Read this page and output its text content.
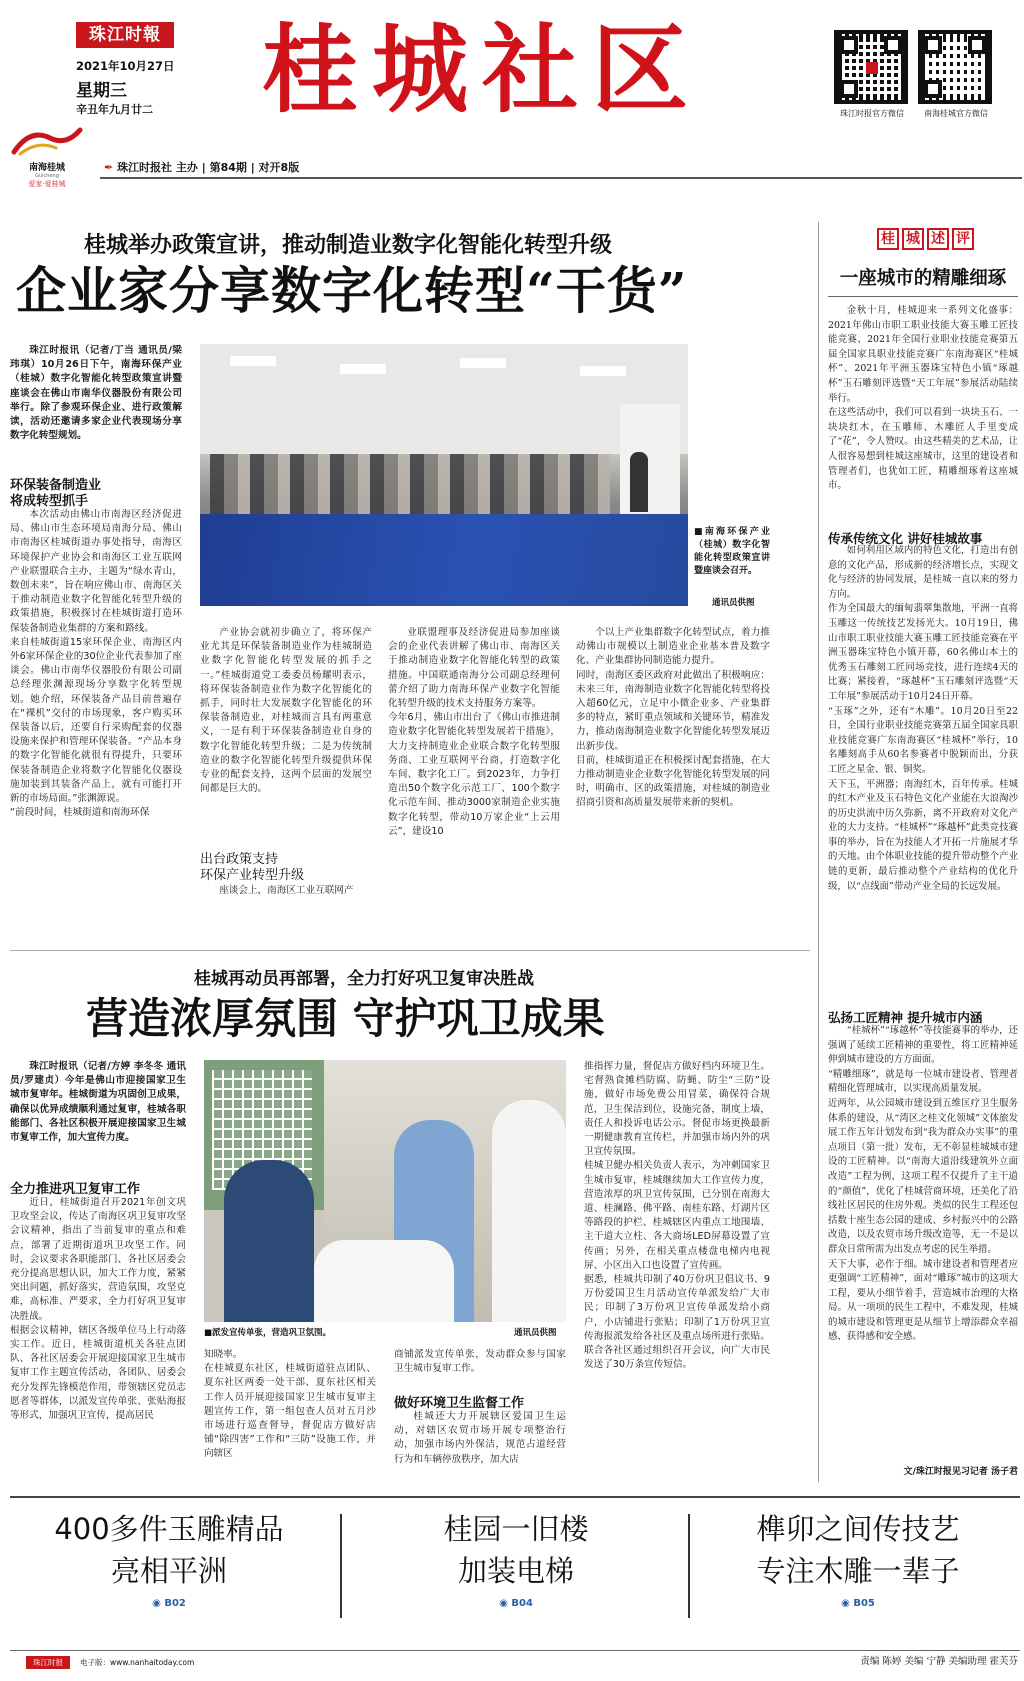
珠江时報
2021年10月27日
星期三
辛丑年九月廿二 桂城社区	珠江时报官方微信	南海桂城官方微信
南海桂城
Guicheng
爱家·爱桂城
✒ 珠江时报社 主办 | 第84期 | 对开8版
桂城举办政策宣讲，推动制造业数字化智能化转型升级
企业家分享数字化转型“干货”

珠江时报讯（记者/丁当 通讯员/梁玮琪）10月26日下午，南海环保产业（桂城）数字化智能化转型政策宣讲暨座谈会在佛山市南华仪器股份有限公司举行。除了参观环保企业、进行政策解读，活动还邀请多家企业代表现场分享数字化转型规划。

环保装备制造业
将成转型抓手
本次活动由佛山市南海区经济促进局、佛山市生态环境局南海分局、佛山市南海区桂城街道办事处指导，南海区环境保护产业协会和南海区工业互联网产业联盟联合主办，主题为“绿水青山，数创未来”，旨在响应佛山市、南海区关于推动制造业数字化智能化转型升级的政策措施，积极探讨在桂城街道打造环保装备制造业集群的方案和路线。
来自桂城街道15家环保企业、南海区内外6家环保企业的30位企业代表参加了座谈会。佛山市南华仪器股份有限公司副总经理张渊源现场分享数字化转型规划。她介绍，环保装备产品目前普遍存在“裸机”交付的市场现象，客户购买环保装备以后，还要自行采购配套的仪器设施来保护和管理环保装备。“产品本身的数字化智能化就很有得提升，只要环保装备制造企业将数字化智能化仪器设施加装到其装备产品上，就有可能打开新的市场局面。”张渊源说。
“前段时间，桂城街道和南海环保
■南海环保产业（桂城）数字化智能化转型政策宣讲暨座谈会召开。
通讯员供图
产业协会就初步确立了，将环保产业尤其是环保装备制造业作为桂城制造业数字化智能化转型发展的抓手之一。”桂城街道党工委委员杨耀明表示，将环保装备制造业作为数字化智能化的抓手，同时壮大发展数字化智能化的环保装备制造业，对桂城而言具有两重意义，一是有利于环保装备制造业自身的数字化智能化转型升级；二是为传统制造业的数字化智能化转型升级提供环保专业的配套支持，这两个层面的发展空间都是巨大的。
出台政策支持
环保产业转型升级
座谈会上，南海区工业互联网产
业联盟理事及经济促进局参加座谈会的企业代表讲解了佛山市、南海区关于推动制造业数字化智能化转型的政策措施。中国联通南海分公司副总经理何蕾介绍了助力南海环保产业数字化智能化转型升级的技术支持服务方案等。
今年6月，佛山市出台了《佛山市推进制造业数字化智能化转型发展若干措施》，大力支持制造业企业联合数字化转型服务商、工业互联网平台商，打造数字化车间、数字化工厂。到2023年，力争打造出50个数字化示范工厂、100个数字化示范车间、推动3000家制造企业实施数字化转型，带动10万家企业“上云用云”，建设10
个以上产业集群数字化转型试点，着力推动佛山市规模以上制造业企业基本普及数字化、产业集群协同制造能力提升。
同时，南海区委区政府对此做出了积极响应：未来三年，南海制造业数字化智能化转型将投入超60亿元，立足中小微企业多、产业集群多的特点，紧盯重点领域和关键环节，精准发力，推动南海制造业数字化智能化转型发展迈出新步伐。
目前，桂城街道正在积极探讨配套措施，在大力推动制造业企业数字化智能化转型发展的同时，明确市、区的政策措施，对桂城的制造业招商引资和高质量发展带来新的契机。
桂 城 述 评
一座城市的精雕细琢
金秋十月，桂城迎来一系列文化盛事：2021年佛山市职工职业技能大赛玉雕工匠技能竞赛、2021年全国行业职业技能竞赛第五届全国家具职业技能竞赛广东南海赛区“桂城杯”、2021年平洲玉器珠宝特色小镇“琢越杯”玉石雕刻评选暨“天工年展”参展活动陆续举行。
在这些活动中，我们可以看到一块块玉石、一块块红木，在玉雕师、木雕匠人手里变成了“花”，令人赞叹。由这些精美的艺术品，让人很容易想到桂城这座城市，这里的建设者和管理者们，也犹如工匠，精雕细琢着这座城市。
传承传统文化 讲好桂城故事
如何利用区域内的特色文化，打造出有创意的文化产品，形成新的经济增长点，实现文化与经济的协同发展，是桂城一直以来的努力方向。
作为全国最大的缅甸翡翠集散地，平洲一直将玉雕这一传统技艺发扬光大。10月19日，佛山市职工职业技能大赛玉雕工匠技能竞赛在平洲玉器珠宝特色小镇开幕，60名佛山本土的优秀玉石雕刻工匠同场竞技，进行连续4天的比赛；紧接着，“琢越杯”玉石雕刻评选暨“天工年展”参展活动于10月24日开幕。
“玉琢”之外，还有“木雕”。10月20日至22日，全国行业职业技能竞赛第五届全国家具职业技能竞赛广东南海赛区“桂城杯”举行，10名雕刻高手从60名参赛者中脱颖而出，分获工匠之星金、银、铜奖。
天下玉，平洲器；南海红木，百年传承。桂城的红木产业及玉石特色文化产业能在大浪淘沙的历史洪流中历久弥新，离不开政府对文化产业的大力支持。“桂城杯”“琢越杯”此类竞技赛事的举办，旨在为技能人才开拓一片施展才华的天地。由个体职业技能的提升带动整个产业链的更新，最后推动整个产业结构的优化升级，以“点线面”带动产业全局的长远发展。
弘扬工匠精神 提升城市内涵
“桂城杯”“琢越杯”等技能赛事的举办，还强调了延续工匠精神的重要性，将工匠精神延伸到城市建设的方方面面。
“精雕细琢”，就是每一位城市建设者、管理者精细化管理城市，以实现高质量发展。
近两年，从公园城市建设到五维匡疗卫生服务体系的建设，从“湾区之桂文化领城”文体旅发展工作五年计划发布到“我为群众办实事”的重点项目（第一批）发布，无不彰显桂城城市建设的工匠精神。以“南海大道沿线建筑外立面改造”工程为例，这项工程不仅提升了主干道的“颜值”，优化了桂城营商环境，还美化了沿线社区居民的住房外观。类似的民生工程还包括数十座生态公园的建成、乡村振兴中的公路改造，以及农贸市场升级改造等，无一不是以群众日常所需为出发点考虑的民生举措。
天下大事，必作于细。城市建设者和管理者应更强调“工匠精神”，面对“雕琢”城市的这项大工程，要从小细节着手，营造城市治理的大格局。从一项项的民生工程中，不难发现，桂城的城市建设和管理更是从细节上增添群众幸福感、获得感和安全感。
文/珠江时报见习记者 汤子君
桂城再动员再部署，全力打好巩卫复审决胜战
营造浓厚氛围 守护巩卫成果

珠江时报讯（记者/方婷 李冬冬 通讯员/罗建贞）今年是佛山市迎接国家卫生城市复审年。桂城街道为巩固创卫成果，确保以优异成绩顺利通过复审，桂城各职能部门、各社区积极开展迎接国家卫生城市复审工作，加大宣传力度。

全力推进巩卫复审工作
近日，桂城街道召开2021年创文巩卫攻坚会议，传达了南海区巩卫复审攻坚会议精神，指出了当前复审的重点和难点，部署了近期街道巩卫攻坚工作。同时，会议要求各职能部门、各社区居委会充分提高思想认识，加大工作力度，紧紧突出问题，抓好落实，营造氛围，攻坚克难，高标准、严要求，全力打好巩卫复审决胜战。
根据会议精神，辖区各级单位马上行动落实工作。近日，桂城街道机关各驻点团队、各社区居委会开展迎接国家卫生城市复审工作主题宣传活动，各团队、居委会充分发挥先锋模范作用，带领辖区党员志愿者等群体，以派发宣传单张、张贴海报等形式，加强巩卫宣传，提高居民
■派发宣传单张，营造巩卫氛围。	通讯员供图
知晓率。
在桂城夏东社区，桂城街道驻点团队、夏东社区两委一处干部、夏东社区相关工作人员开展迎接国家卫生城市复审主题宣传工作，第一组包查人员对五月沙市场进行巡查督导，督促店方做好店铺“除四害”工作和“三防”设施工作，并向辖区
商铺派发宣传单张，发动群众参与国家卫生城市复审工作。
做好环境卫生监督工作
桂城还大力开展辖区爱国卫生运动，对辖区农贸市场开展专项整治行动，加强市场内外保洁，规范占道经营行为和车辆停放秩序，加大店
推指挥力量，督促店方做好档内环境卫生。宅督熟食摊档防腐、防蝇、防尘“三防”设施，做好市场免费公用冒菜，确保符合规范，卫生保洁到位，设施完备，制度上墙，责任人和投诉电话公示。督促市场更换最新一期健康教育宣传栏，并加强市场内外的巩卫宣传氛围。
桂城卫健办相关负责人表示，为冲刺国家卫生城市复审，桂城继续加大工作宣传力度，营造浓厚的巩卫宣传氛围，已分别在南海大道、桂澜路、佛平路、南桂东路、灯湖片区等路段的护栏、桂城辖区内重点工地围墙、主干道大立柱、各大商场LED屏幕设置了宣传画；另外，在相关重点楼盘电梯内电视屏、小区出入口也设置了宣传画。
据悉，桂城共印制了40万份巩卫倡议书、9万份爱国卫生月活动宣传单派发给广大市民；印制了3万份巩卫宣传单派发给小商户，小店铺进行张贴；印制了1万份巩卫宣传海报派发给各社区及重点场所进行张贴。联合各社区通过组织召开会议，向广大市民发送了30万条宣传短信。
400多件玉雕精品
亮相平洲
◉ B02
桂园一旧楼
加装电梯
◉ B04
榫卯之间传技艺
专注木雕一辈子
◉ B05
珠江时报	电子版：www.nanhaitoday.com	责编 陈婷 美编 宁静 美编助理 霍芙芬
